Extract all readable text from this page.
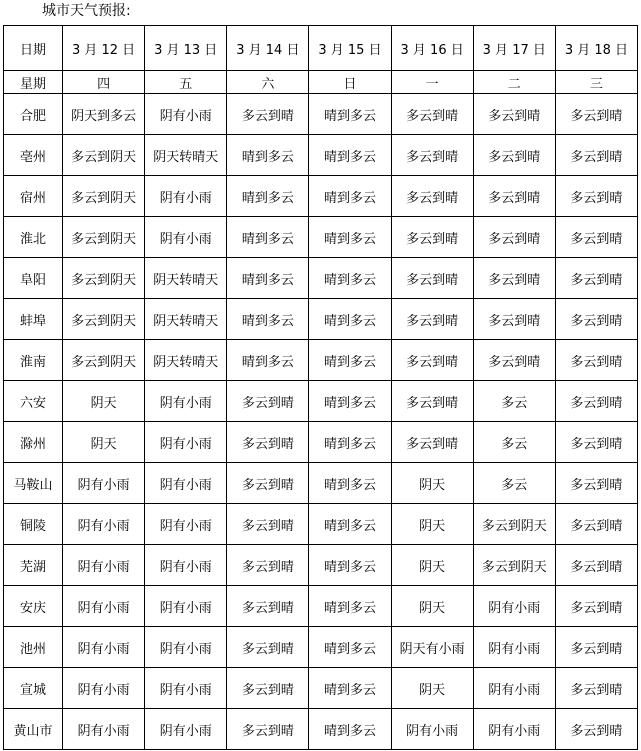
城市天气预报:
日期	3 月 12 日	3 月 13 日	3 月 14 日	3 月 15 日	3 月 16 日	3 月 17 日	3 月 18 日
星期	四	五	六	日	一	二	三
合肥	阴天到多云	阴有小雨	多云到晴	晴到多云	多云到晴	多云到晴	多云到晴
亳州	多云到阴天	阴天转晴天	晴到多云	晴到多云	多云到晴	多云到晴	多云到晴
宿州	多云到阴天	阴有小雨	晴到多云	晴到多云	多云到晴	多云到晴	多云到晴
淮北	多云到阴天	阴有小雨	晴到多云	晴到多云	多云到晴	多云到晴	多云到晴
阜阳	多云到阴天	阴天转晴天	晴到多云	晴到多云	多云到晴	多云到晴	多云到晴
蚌埠	多云到阴天	阴天转晴天	晴到多云	晴到多云	多云到晴	多云到晴	多云到晴
淮南	多云到阴天	阴天转晴天	晴到多云	晴到多云	多云到晴	多云到晴	多云到晴
六安	阴天	阴有小雨	多云到晴	晴到多云	多云到晴	多云	多云到晴
滁州	阴天	阴有小雨	多云到晴	晴到多云	多云到晴	多云	多云到晴
马鞍山	阴有小雨	阴有小雨	多云到晴	晴到多云	阴天	多云	多云到晴
铜陵	阴有小雨	阴有小雨	多云到晴	晴到多云	阴天	多云到阴天	多云到晴
芜湖	阴有小雨	阴有小雨	多云到晴	晴到多云	阴天	多云到阴天	多云到晴
安庆	阴有小雨	阴有小雨	多云到晴	晴到多云	阴天	阴有小雨	多云到晴
池州	阴有小雨	阴有小雨	多云到晴	晴到多云	阴天有小雨	阴有小雨	多云到晴
宣城	阴有小雨	阴有小雨	多云到晴	晴到多云	阴天	阴有小雨	多云到晴
黄山市	阴有小雨	阴有小雨	多云到晴	晴到多云	阴有小雨	阴有小雨	多云到晴
